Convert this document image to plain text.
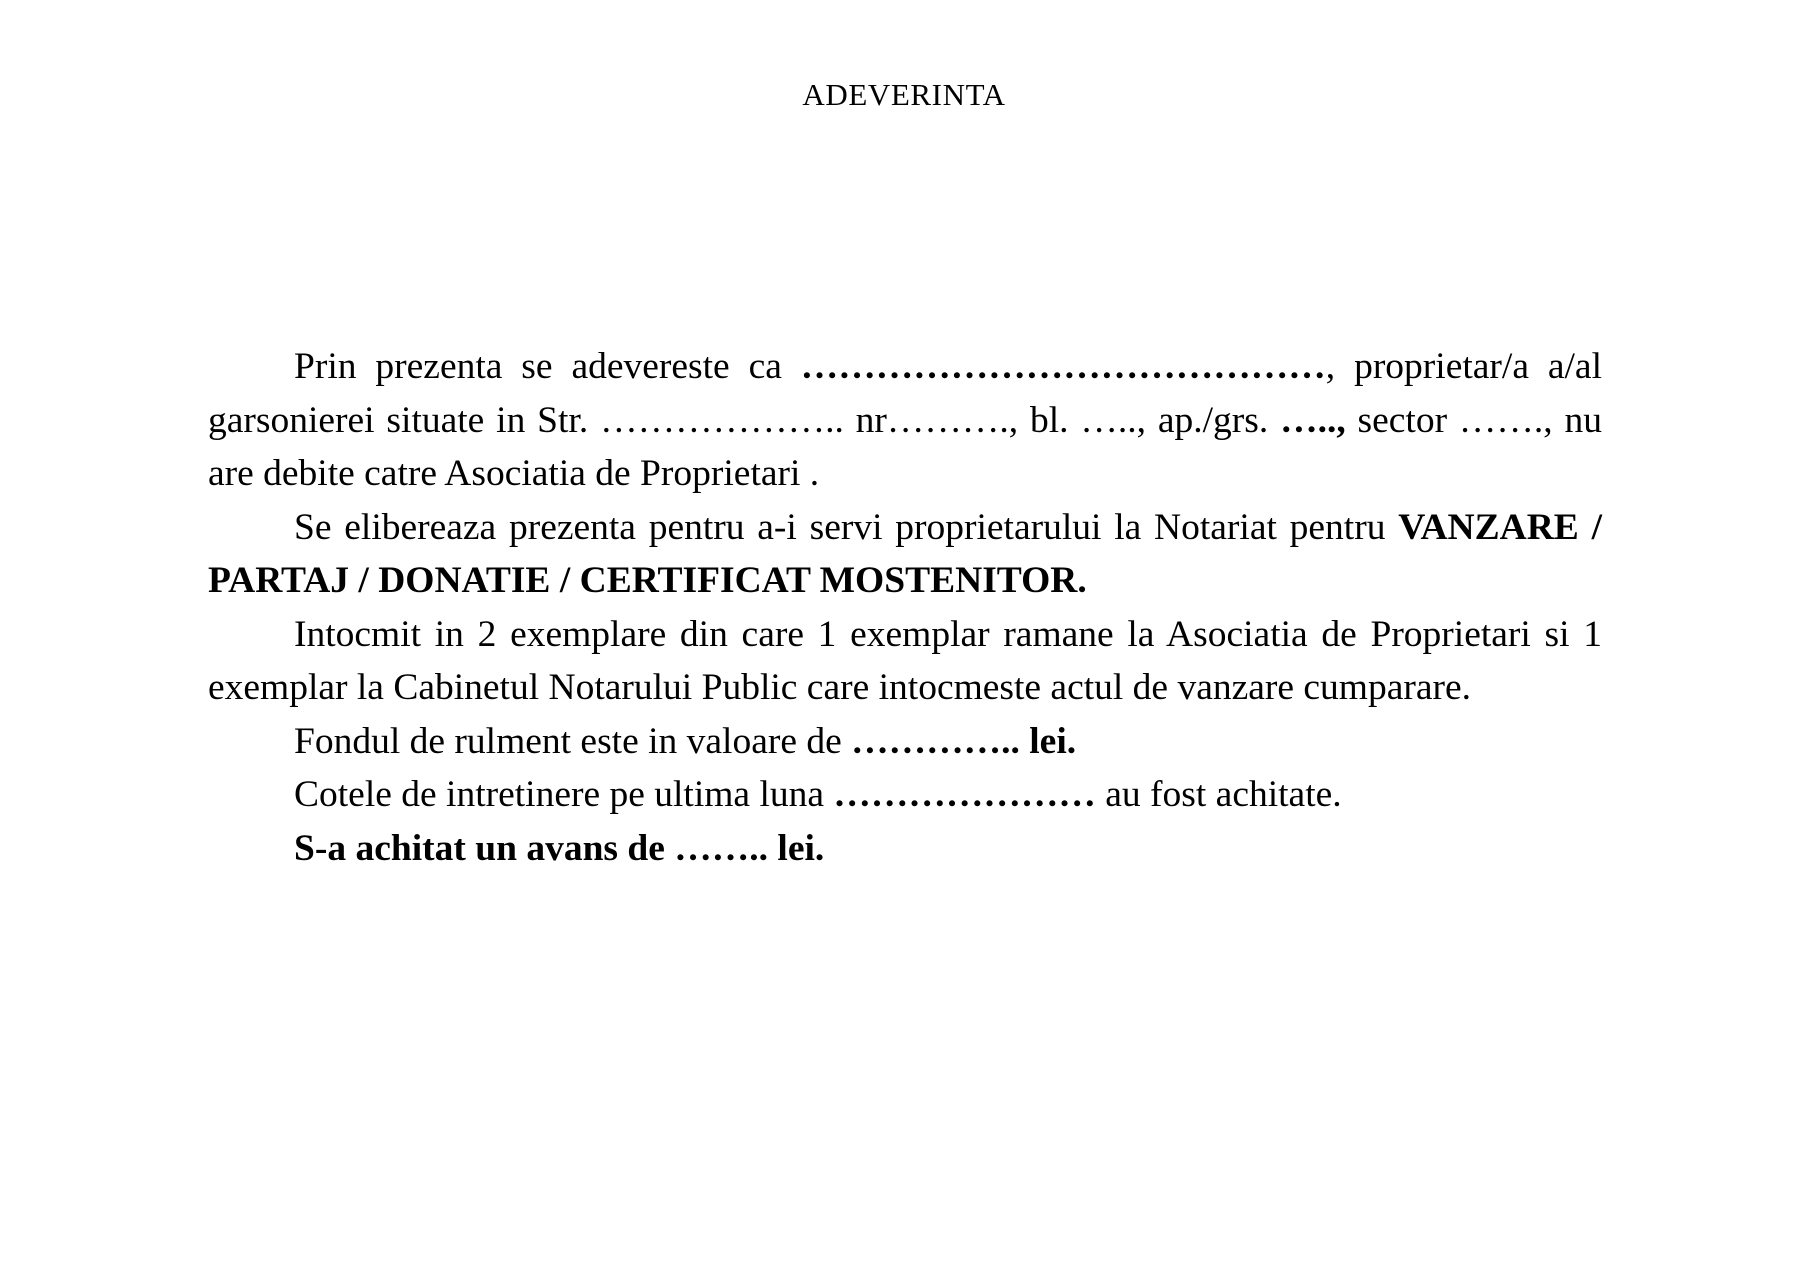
ADEVERINTA

Prin prezenta se adevereste ca ……………………………………, proprietar/a a/al garsonierei situate in Str. ……………….. nr………., bl. ….., ap./grs. ….., sector ……., nu are debite catre Asociatia de Proprietari .

Se elibereaza prezenta pentru a-i servi proprietarului la Notariat pentru VANZARE / PARTAJ / DONATIE / CERTIFICAT MOSTENITOR.

Intocmit in 2 exemplare din care 1 exemplar ramane la Asociatia de Proprietari si 1 exemplar la Cabinetul Notarului Public care intocmeste actul de vanzare cumparare.

Fondul de rulment este in valoare de ………….. lei.

Cotele de intretinere pe ultima luna ………………… au fost achitate.

S-a achitat un avans de …….. lei.
